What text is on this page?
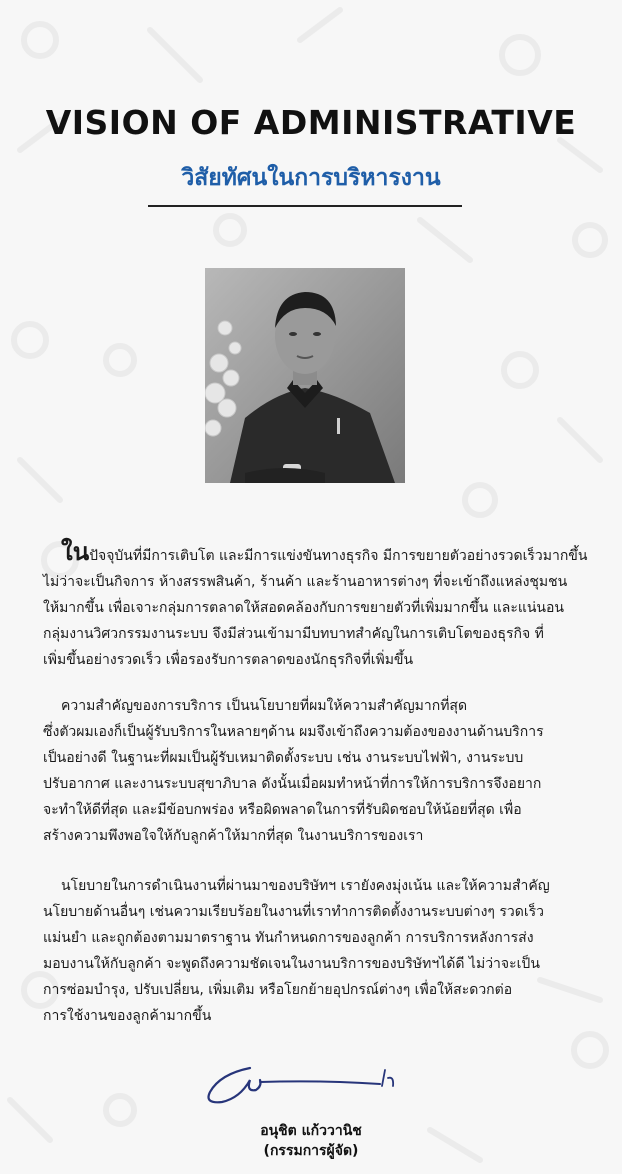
VISION OF ADMINISTRATIVE
วิสัยทัศนในการบริหารงาน
ในปัจจุบันที่มีการเติบโต และมีการแข่งขันทางธุรกิจ มีการขยายตัวอย่างรวดเร็วมากขึ้น
ไม่ว่าจะเป็นกิจการ ห้างสรรพสินค้า, ร้านค้า และร้านอาหารต่างๆ ที่จะเข้าถึงแหล่งชุมชน
ให้มากขึ้น เพื่อเจาะกลุ่มการตลาดให้สอดคล้องกับการขยายตัวที่เพิ่มมากขึ้น และแน่นอน
กลุ่มงานวิศวกรรมงานระบบ จึงมีส่วนเข้ามามีบทบาทสำคัญในการเติบโตของธุรกิจ ที่
เพิ่มขึ้นอย่างรวดเร็ว เพื่อรองรับการตลาดของนักธุรกิจที่เพิ่มขึ้น
ความสำคัญของการบริการ เป็นนโยบายที่ผมให้ความสำคัญมากที่สุด
ซึ่งตัวผมเองก็เป็นผู้รับบริการในหลายๆด้าน ผมจึงเข้าถึงความต้องของงานด้านบริการ
เป็นอย่างดี ในฐานะที่ผมเป็นผู้รับเหมาติดตั้งระบบ เช่น งานระบบไฟฟ้า, งานระบบ
ปรับอากาศ และงานระบบสุขาภิบาล ดังนั้นเมื่อผมทำหน้าที่การให้การบริการจึงอยาก
จะทำให้ดีที่สุด และมีข้อบกพร่อง หรือผิดพลาดในการที่รับผิดชอบให้น้อยที่สุด เพื่อ
สร้างความพึงพอใจให้กับลูกค้าให้มากที่สุด ในงานบริการของเรา
นโยบายในการดำเนินงานที่ผ่านมาของบริษัทฯ เรายังคงมุ่งเน้น และให้ความสำคัญ
นโยบายด้านอื่นๆ เช่นความเรียบร้อยในงานที่เราทำการติดตั้งงานระบบต่างๆ รวดเร็ว
แม่นยำ และถูกต้องตามมาตราฐาน ทันกำหนดการของลูกค้า การบริการหลังการส่ง
มอบงานให้กับลูกค้า จะพูดถึงความชัดเจนในงานบริการของบริษัทฯได้ดี ไม่ว่าจะเป็น
การซ่อมบำรุง, ปรับเปลี่ยน, เพิ่มเติม หรือโยกย้ายอุปกรณ์ต่างๆ เพื่อให้สะดวกต่อ
การใช้งานของลูกค้ามากขึ้น
อนุชิต แก้ววานิช
(กรรมการผู้จัด)
